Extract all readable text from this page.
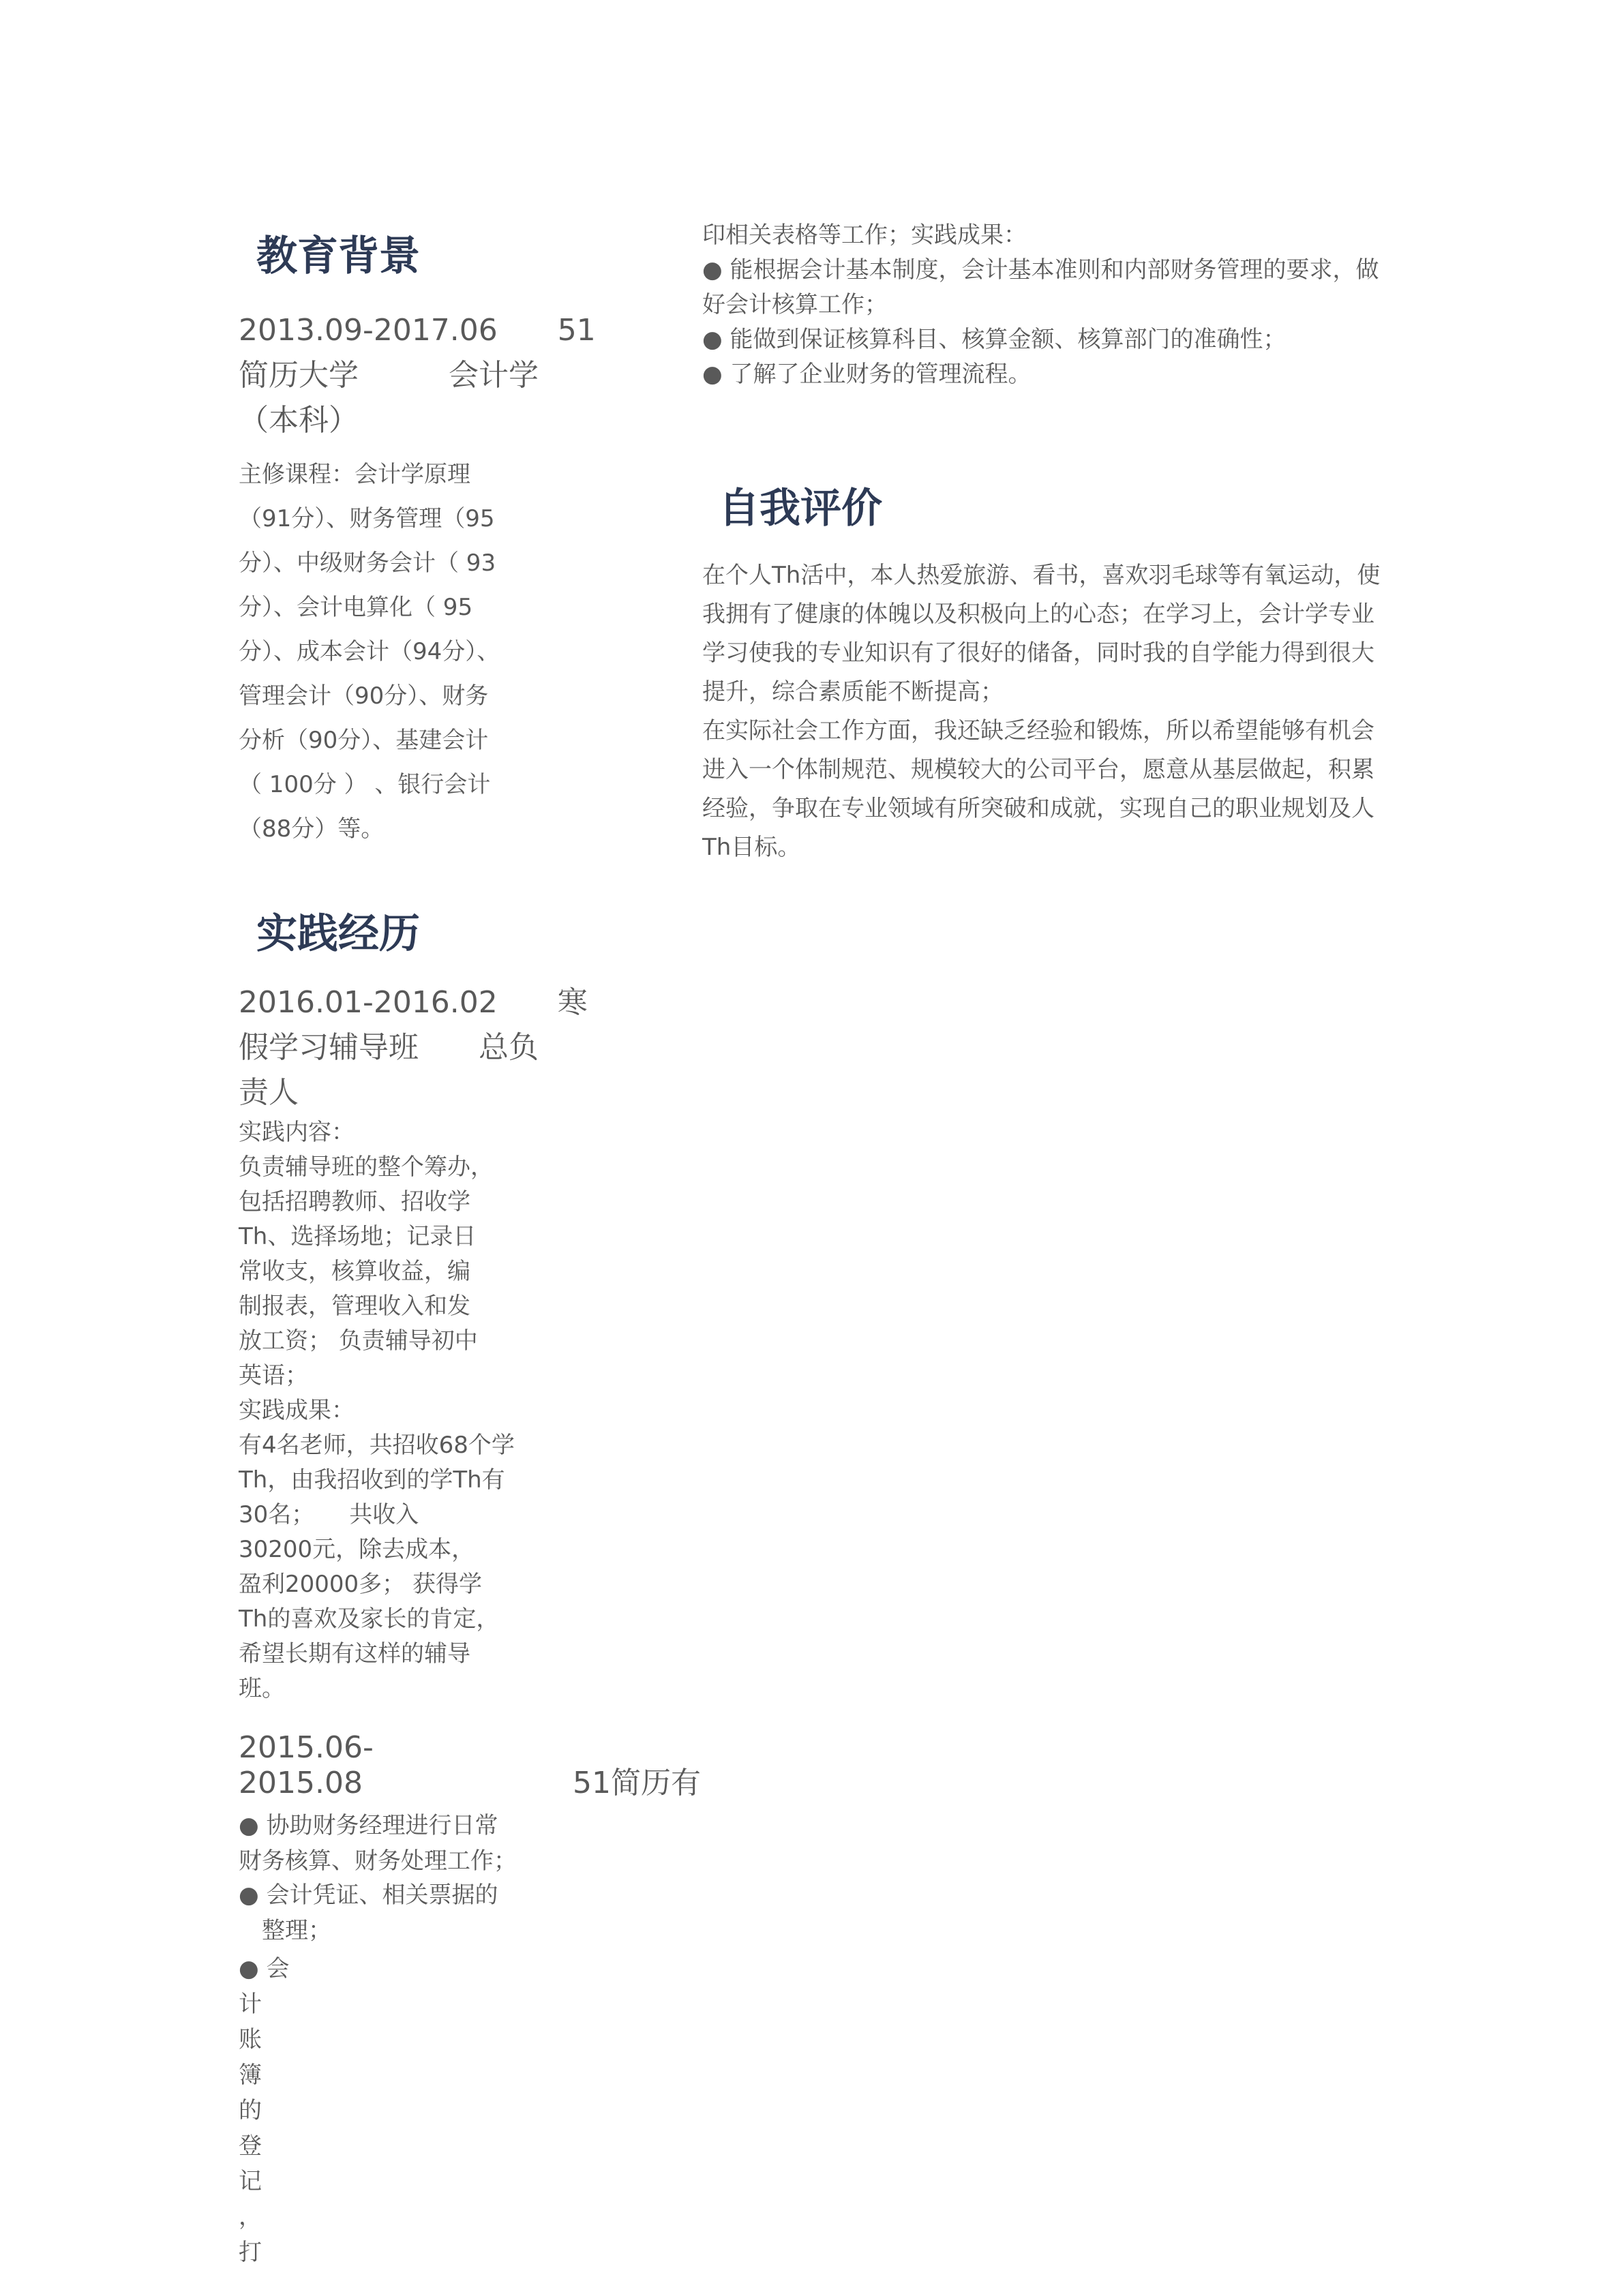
教育背景
2013.09-2017.06　　51
简历大学　　　会计学
（本科）
主修课程：会计学原理
（91分）、财务管理（95
分）、中级财务会计（ 93
分）、会计电算化（ 95
分）、成本会计（94分）、
管理会计（90分）、财务
分析（90分）、基建会计
（ 100分 ） 、银行会计
（88分）等。
实践经历
2016.01-2016.02　　寒
假学习辅导班　　总负
责人
实践内容：
负责辅导班的整个筹办，
包括招聘教师、招收学
Th、选择场地；记录日
常收支，核算收益，编
制报表，管理收入和发
放工资； 负责辅导初中
英语；
实践成果：
有4名老师，共招收68个学
Th，由我招收到的学Th有
30名；　　共收入
30200元，除去成本，
盈利20000多； 获得学
Th的喜欢及家长的肯定，
希望长期有这样的辅导
班。
2015.06-
2015.08　　　　　　　51简历有
● 协助财务经理进行日常
财务核算、财务处理工作；
● 会计凭证、相关票据的
　整理；
● 会
计
账
簿
的
登
记
，
打
印相关表格等工作；实践成果：
● 能根据会计基本制度，会计基本准则和内部财务管理的要求，做
好会计核算工作；
● 能做到保证核算科目、核算金额、核算部门的准确性；
● 了解了企业财务的管理流程。
自我评价
在个人Th活中，本人热爱旅游、看书，喜欢羽毛球等有氧运动，使
我拥有了健康的体魄以及积极向上的心态；在学习上，会计学专业
学习使我的专业知识有了很好的储备，同时我的自学能力得到很大
提升，综合素质能不断提高；
在实际社会工作方面，我还缺乏经验和锻炼，所以希望能够有机会
进入一个体制规范、规模较大的公司平台，愿意从基层做起，积累
经验，争取在专业领域有所突破和成就，实现自己的职业规划及人
Th目标。
